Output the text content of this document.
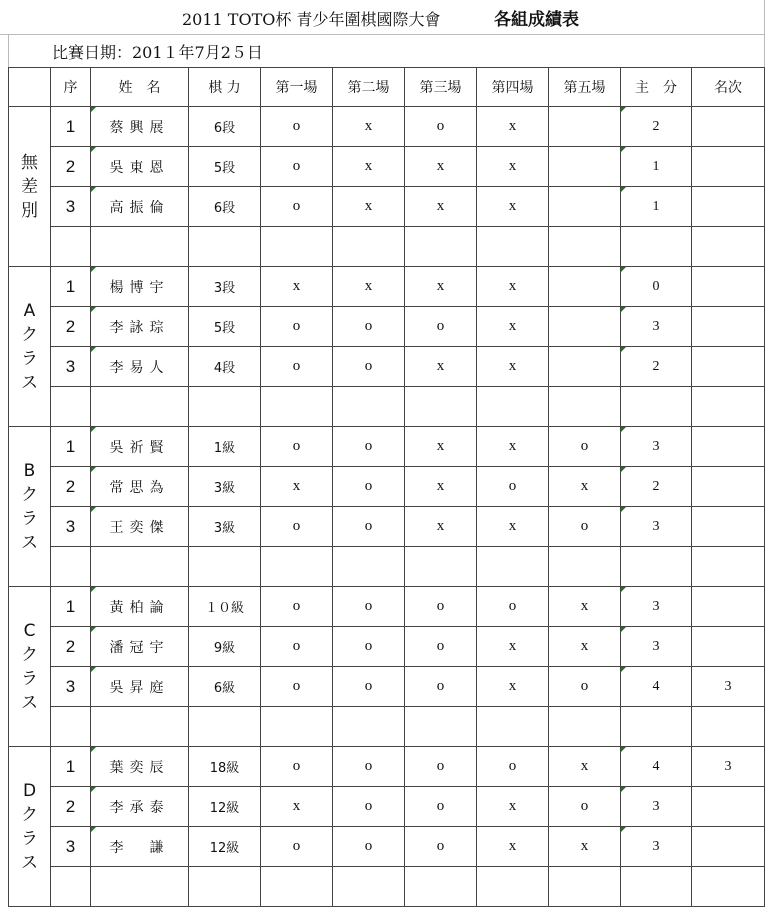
2011 TOTO杯 青少年圍棋國際大會	各組成績表
比賽日期：201１年7月2５日
	序	姓　名	棋 力	第一場	第二場	第三場	第四場	第五場	主　分	名次

無差別	1	蔡興展	6段	o	x	o	x		2

	2	吳東恩	5段	o	x	x	x		1

	3	高振倫	6段	o	x	x	x		1

Aクラス	1	楊博宇	3段	x	x	x	x		0

	2	李詠琮	5段	o	o	o	x		3

	3	李易人	4段	o	o	x	x		2

Bクラス	1	吳祈賢	1級	o	o	x	x	o	3

	2	常思為	3級	x	o	x	o	x	2

	3	王奕傑	3級	o	o	x	x	o	3

Cクラス	1	黃柏論	１０級	o	o	o	o	x	3

	2	潘冠宇	9級	o	o	o	x	x	3

	3	吳昇庭	6級	o	o	o	x	o	4	3

Dクラス	1	葉奕辰	18級	o	o	o	o	x	4	3
	2	李承泰	12級	x	o	o	x	o	3

	3	李　謙	12級	o	o	o	x	x	3
